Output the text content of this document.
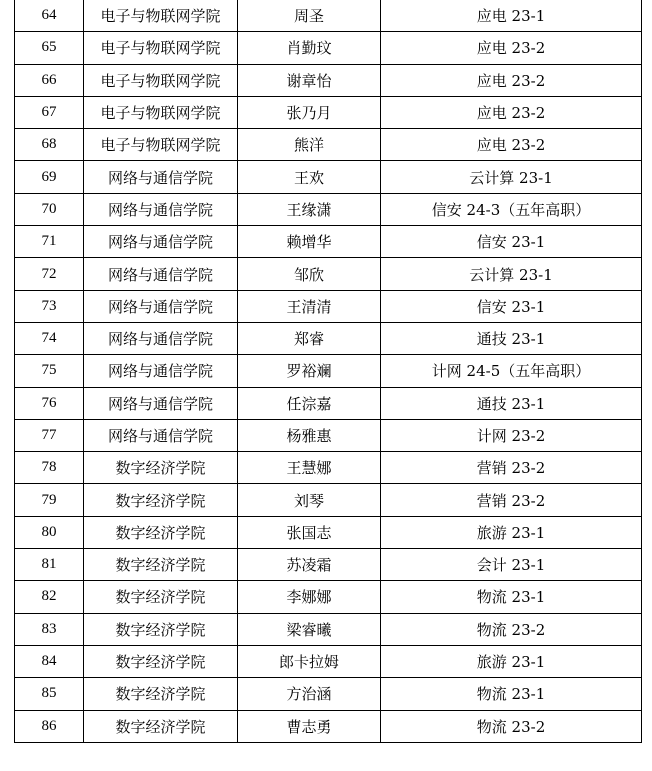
64	电子与物联网学院	周圣	应电 23-1
65	电子与物联网学院	肖勤玟	应电 23-2
66	电子与物联网学院	谢章怡	应电 23-2
67	电子与物联网学院	张乃月	应电 23-2
68	电子与物联网学院	熊洋	应电 23-2
69	网络与通信学院	王欢	云计算 23-1
70	网络与通信学院	王缘潇	信安 24-3（五年高职）
71	网络与通信学院	赖增华	信安 23-1
72	网络与通信学院	邹欣	云计算 23-1
73	网络与通信学院	王清清	信安 23-1
74	网络与通信学院	郑睿	通技 23-1
75	网络与通信学院	罗裕斓	计网 24-5（五年高职）
76	网络与通信学院	任淙嘉	通技 23-1
77	网络与通信学院	杨雅惠	计网 23-2
78	数字经济学院	王慧娜	营销 23-2
79	数字经济学院	刘琴	营销 23-2
80	数字经济学院	张国志	旅游 23-1
81	数字经济学院	苏凌霜	会计 23-1
82	数字经济学院	李娜娜	物流 23-1
83	数字经济学院	梁睿曦	物流 23-2
84	数字经济学院	郎卡拉姆	旅游 23-1
85	数字经济学院	方治涵	物流 23-1
86	数字经济学院	曹志勇	物流 23-2
